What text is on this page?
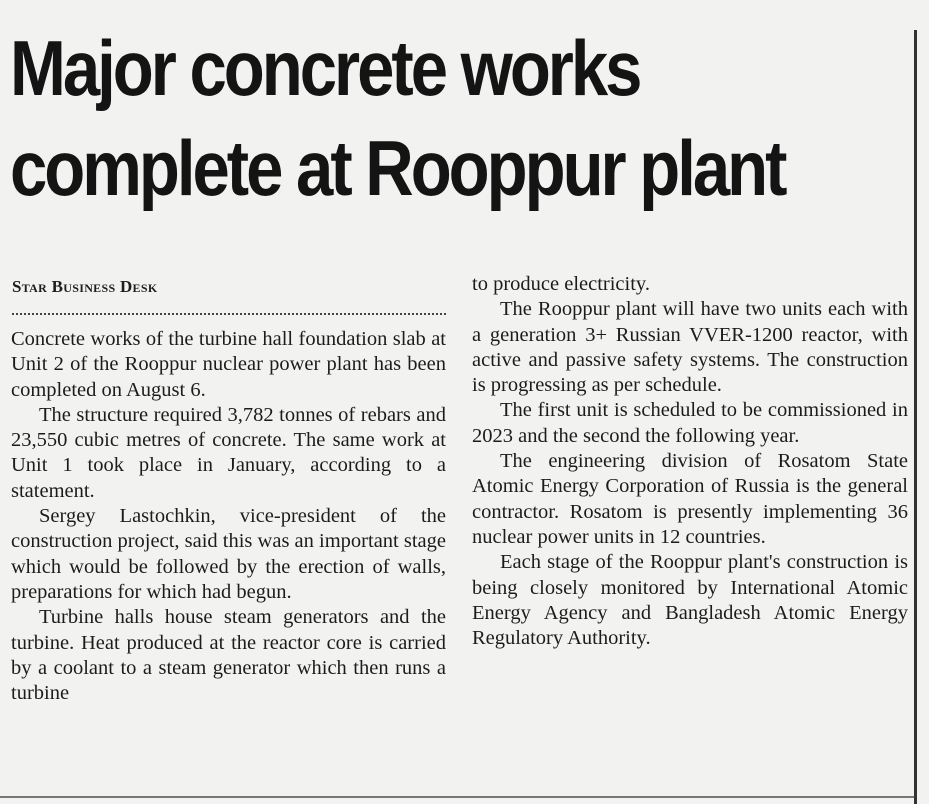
Major concrete works
complete at Rooppur plant
Star Business Desk

Concrete works of the turbine hall foundation slab at Unit 2 of the Rooppur nuclear power plant has been completed on August 6.

The structure required 3,782 tonnes of rebars and 23,550 cubic metres of concrete. The same work at Unit 1 took place in January, according to a statement.

Sergey Lastochkin, vice-president of the construction project, said this was an important stage which would be followed by the erection of walls, preparations for which had begun.

Turbine halls house steam generators and the turbine. Heat produced at the reactor core is carried by a coolant to a steam generator which then runs a turbine

to produce electricity.

The Rooppur plant will have two units each with a generation 3+ Russian VVER-1200 reactor, with active and passive safety systems. The construction is progressing as per schedule.

The first unit is scheduled to be commissioned in 2023 and the second the following year.

The engineering division of Rosatom State Atomic Energy Corporation of Russia is the general contractor. Rosatom is presently implementing 36 nuclear power units in 12 countries.

Each stage of the Rooppur plant's construction is being closely monitored by International Atomic Energy Agency and Bangladesh Atomic Energy Regulatory Authority.
